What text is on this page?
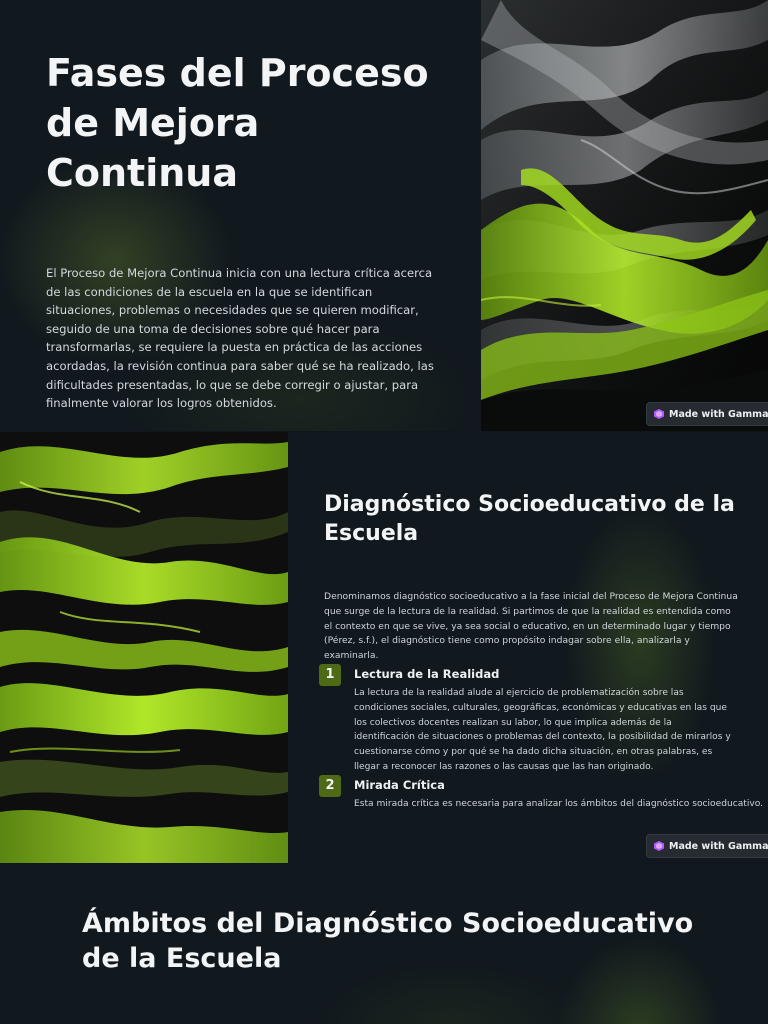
Fases del Proceso de Mejora Continua

El Proceso de Mejora Continua inicia con una lectura crítica acerca de las condiciones de la escuela en la que se identifican situaciones, problemas o necesidades que se quieren modificar, seguido de una toma de decisiones sobre qué hacer para transformarlas, se requiere la puesta en práctica de las acciones acordadas, la revisión continua para saber qué se ha realizado, las dificultades presentadas, lo que se debe corregir o ajustar, para finalmente valorar los logros obtenidos.

Made with Gamma
Diagnóstico Socioeducativo de la Escuela

Denominamos diagnóstico socioeducativo a la fase inicial del Proceso de Mejora Continua que surge de la lectura de la realidad. Si partimos de que la realidad es entendida como el contexto en que se vive, ya sea social o educativo, en un determinado lugar y tiempo (Pérez, s.f.), el diagnóstico tiene como propósito indagar sobre ella, analizarla y examinarla.

1	Lectura de la Realidad

La lectura de la realidad alude al ejercicio de problematización sobre las condiciones sociales, culturales, geográficas, económicas y educativas en las que los colectivos docentes realizan su labor, lo que implica además de la identificación de situaciones o problemas del contexto, la posibilidad de mirarlos y cuestionarse cómo y por qué se ha dado dicha situación, en otras palabras, es llegar a reconocer las razones o las causas que las han originado.

2	Mirada Crítica

Esta mirada crítica es necesaria para analizar los ámbitos del diagnóstico socioeducativo.

Made with Gamma
Ámbitos del Diagnóstico Socioeducativo de la Escuela
